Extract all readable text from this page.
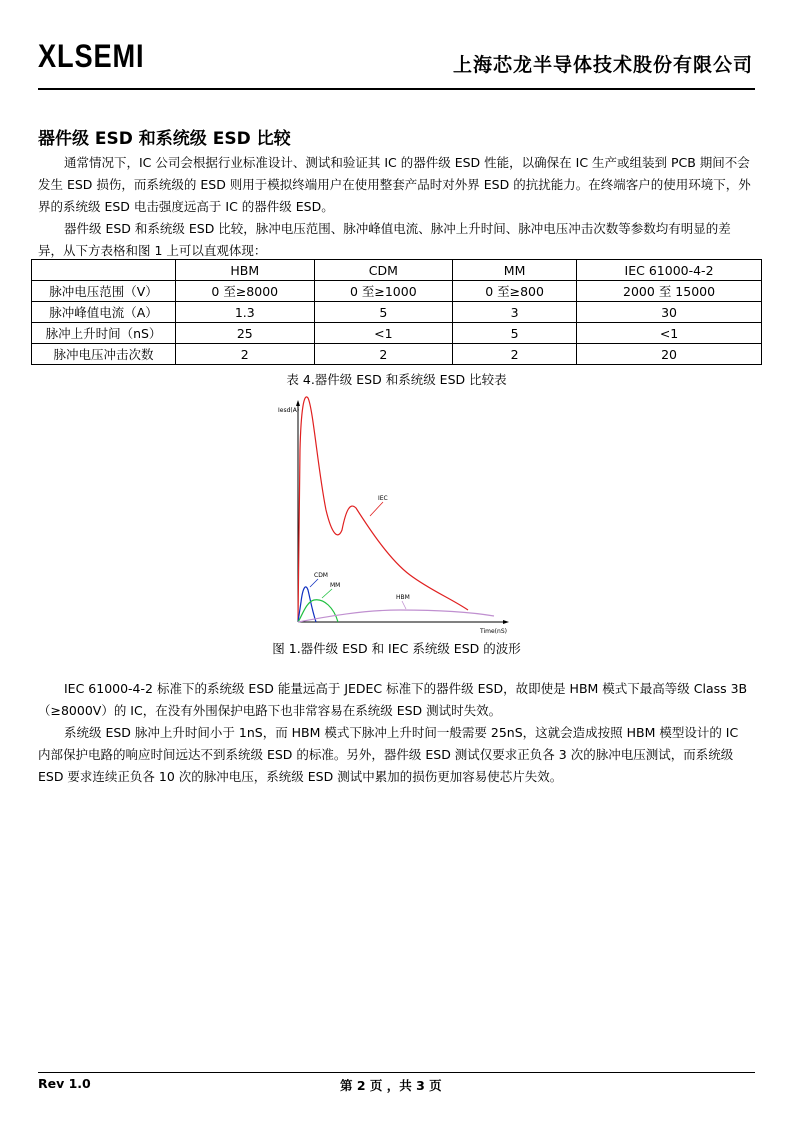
XLSEMI	上海芯龙半导体技术股份有限公司
器件级 ESD 和系统级 ESD 比较

通常情况下，IC 公司会根据行业标准设计、测试和验证其 IC 的器件级 ESD 性能，以确保在 IC 生产或组装到 PCB 期间不会发生 ESD 损伤，而系统级的 ESD 则用于模拟终端用户在使用整套产品时对外界 ESD 的抗扰能力。在终端客户的使用环境下，外界的系统级 ESD 电击强度远高于 IC 的器件级 ESD。

器件级 ESD 和系统级 ESD 比较，脉冲电压范围、脉冲峰值电流、脉冲上升时间、脉冲电压冲击次数等参数均有明显的差异，从下方表格和图 1 上可以直观体现：

	HBM	CDM	MM	IEC 61000-4-2
脉冲电压范围（V）	0 至≥8000	0 至≥1000	0 至≥800	2000 至 15000
脉冲峰值电流（A）	1.3	5	3	30
脉冲上升时间（nS）	25	<1	5	<1
脉冲电压冲击次数	2	2	2	20
表 4.器件级 ESD 和系统级 ESD 比较表
Iesd(A)
Time(nS)
IEC
CDM
MM
HBM
图 1.器件级 ESD 和 IEC 系统级 ESD 的波形

IEC 61000-4-2 标准下的系统级 ESD 能量远高于 JEDEC 标准下的器件级 ESD，故即使是 HBM 模式下最高等级 Class 3B（≥8000V）的 IC，在没有外围保护电路下也非常容易在系统级 ESD 测试时失效。

系统级 ESD 脉冲上升时间小于 1nS，而 HBM 模式下脉冲上升时间一般需要 25nS，这就会造成按照 HBM 模型设计的 IC 内部保护电路的响应时间远达不到系统级 ESD 的标准。另外，器件级 ESD 测试仅要求正负各 3 次的脉冲电压测试，而系统级 ESD 要求连续正负各 10 次的脉冲电压，系统级 ESD 测试中累加的损伤更加容易使芯片失效。

Rev 1.0	第 2 页 ，共 3 页
